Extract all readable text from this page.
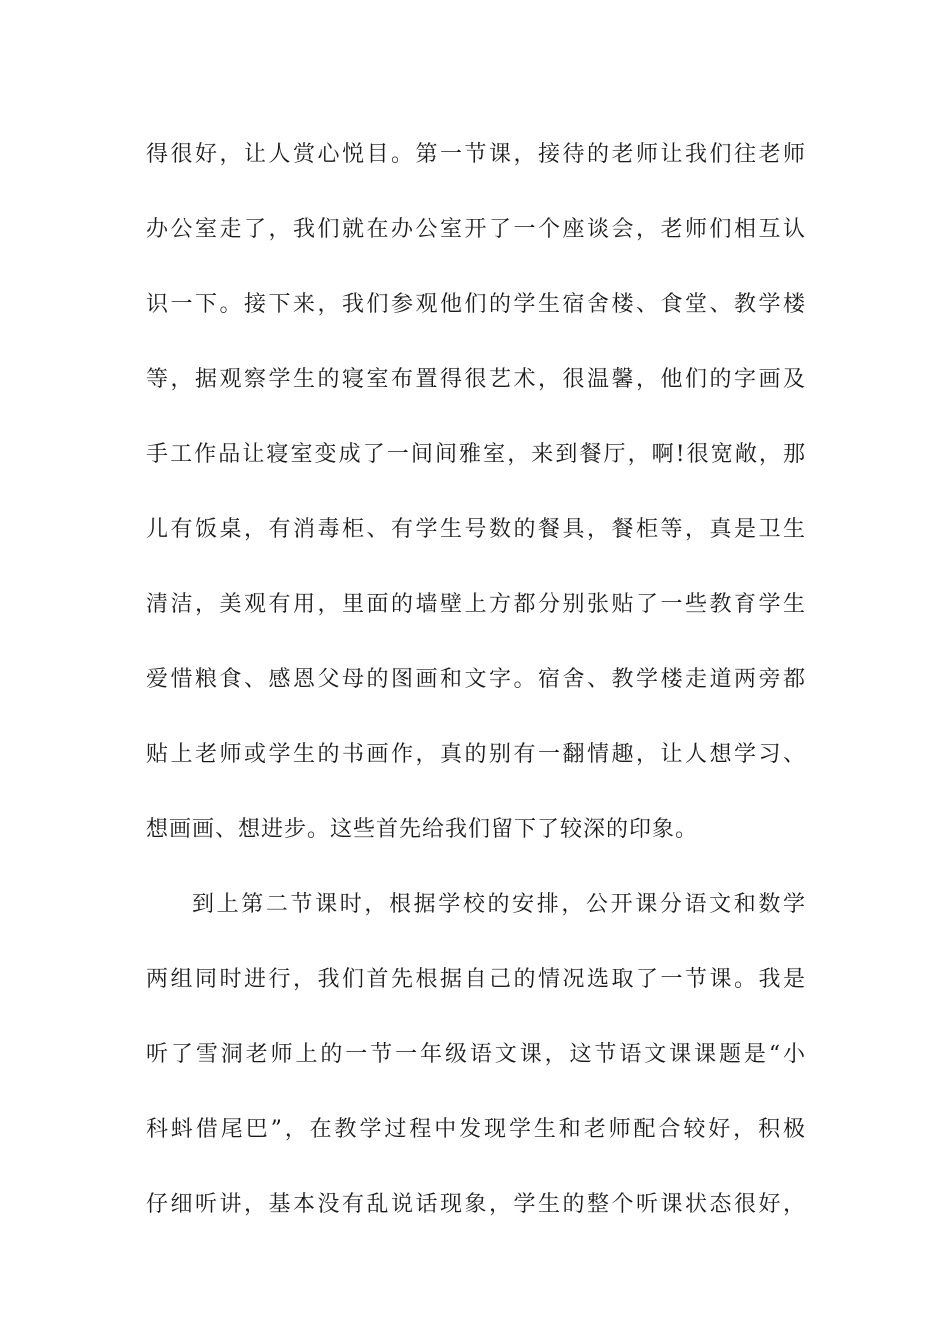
得很好，让人赏心悦目。第一节课，接待的老师让我们往老师
办公室走了，我们就在办公室开了一个座谈会，老师们相互认
识一下。接下来，我们参观他们的学生宿舍楼、食堂、教学楼
等，据观察学生的寝室布置得很艺术，很温馨，他们的字画及
手工作品让寝室变成了一间间雅室，来到餐厅，啊!很宽敞，那
儿有饭桌，有消毒柜、有学生号数的餐具，餐柜等，真是卫生
清洁，美观有用，里面的墙壁上方都分别张贴了一些教育学生
爱惜粮食、感恩父母的图画和文字。宿舍、教学楼走道两旁都
贴上老师或学生的书画作，真的别有一翻情趣，让人想学习、
想画画、想进步。这些首先给我们留下了较深的印象。
到上第二节课时，根据学校的安排，公开课分语文和数学
两组同时进行，我们首先根据自己的情况选取了一节课。我是
听了雪洞老师上的一节一年级语文课，这节语文课课题是“小
科蚪借尾巴”，在教学过程中发现学生和老师配合较好，积极
仔细听讲，基本没有乱说话现象，学生的整个听课状态很好，
